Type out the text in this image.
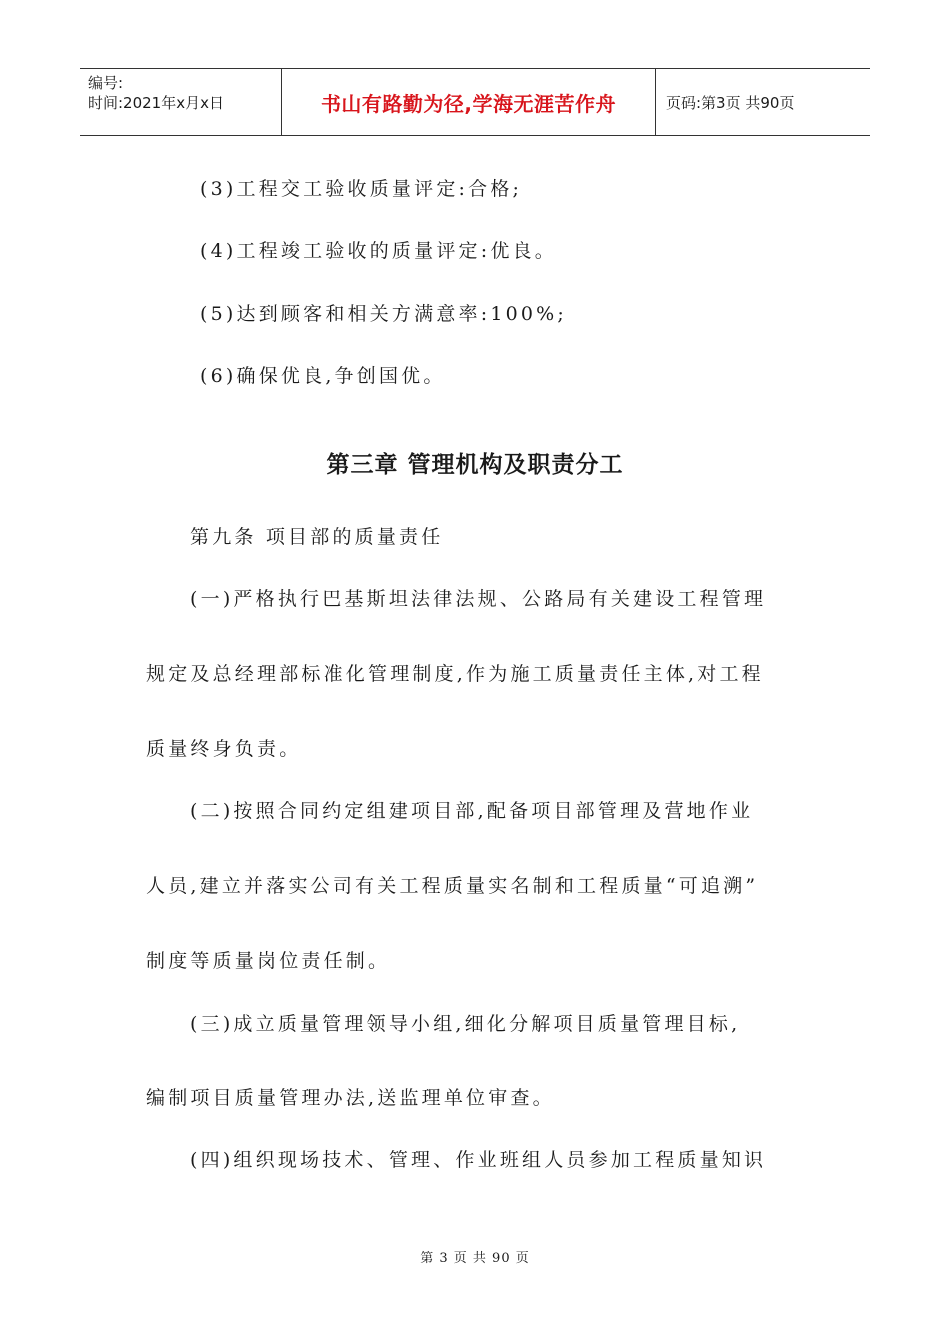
编号:
时间:2021年x月x日	书山有路勤为径,学海无涯苦作舟	页码:第3页 共90页
(3)工程交工验收质量评定:合格;
(4)工程竣工验收的质量评定:优良。
(5)达到顾客和相关方满意率:100%;
(6)确保优良,争创国优。
第三章 管理机构及职责分工
第九条 项目部的质量责任
(一)严格执行巴基斯坦法律法规、公路局有关建设工程管理
规定及总经理部标准化管理制度,作为施工质量责任主体,对工程
质量终身负责。
(二)按照合同约定组建项目部,配备项目部管理及营地作业
人员,建立并落实公司有关工程质量实名制和工程质量“可追溯”
制度等质量岗位责任制。
(三)成立质量管理领导小组,细化分解项目质量管理目标,
编制项目质量管理办法,送监理单位审查。
(四)组织现场技术、管理、作业班组人员参加工程质量知识
第 3 页 共 90 页
